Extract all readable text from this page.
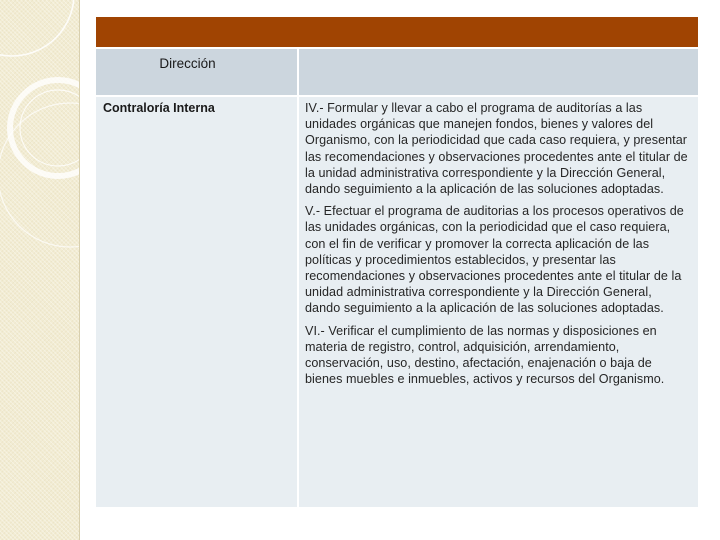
Dirección	

Contraloría Interna	IV.- Formular y llevar a cabo el programa de auditorías a las unidades orgánicas que manejen fondos, bienes y valores del Organismo, con la periodicidad que cada caso requiera, y presentar las recomendaciones y observaciones procedentes ante el titular de la unidad administrativa correspondiente y la Dirección General, dando seguimiento a la aplicación de las soluciones adoptadas.

V.- Efectuar el programa de auditorias a los procesos operativos de las unidades orgánicas, con la periodicidad que el caso requiera, con el fin de verificar y promover la correcta aplicación de las políticas y procedimientos establecidos, y presentar las recomendaciones y observaciones procedentes ante el titular de la unidad administrativa correspondiente y la Dirección General, dando seguimiento a la aplicación de las soluciones adoptadas.

VI.- Verificar el cumplimiento de las normas y disposiciones en materia de registro, control, adquisición, arrendamiento, conservación, uso, destino, afectación, enajenación o baja de bienes muebles e inmuebles, activos y recursos del Organismo.
